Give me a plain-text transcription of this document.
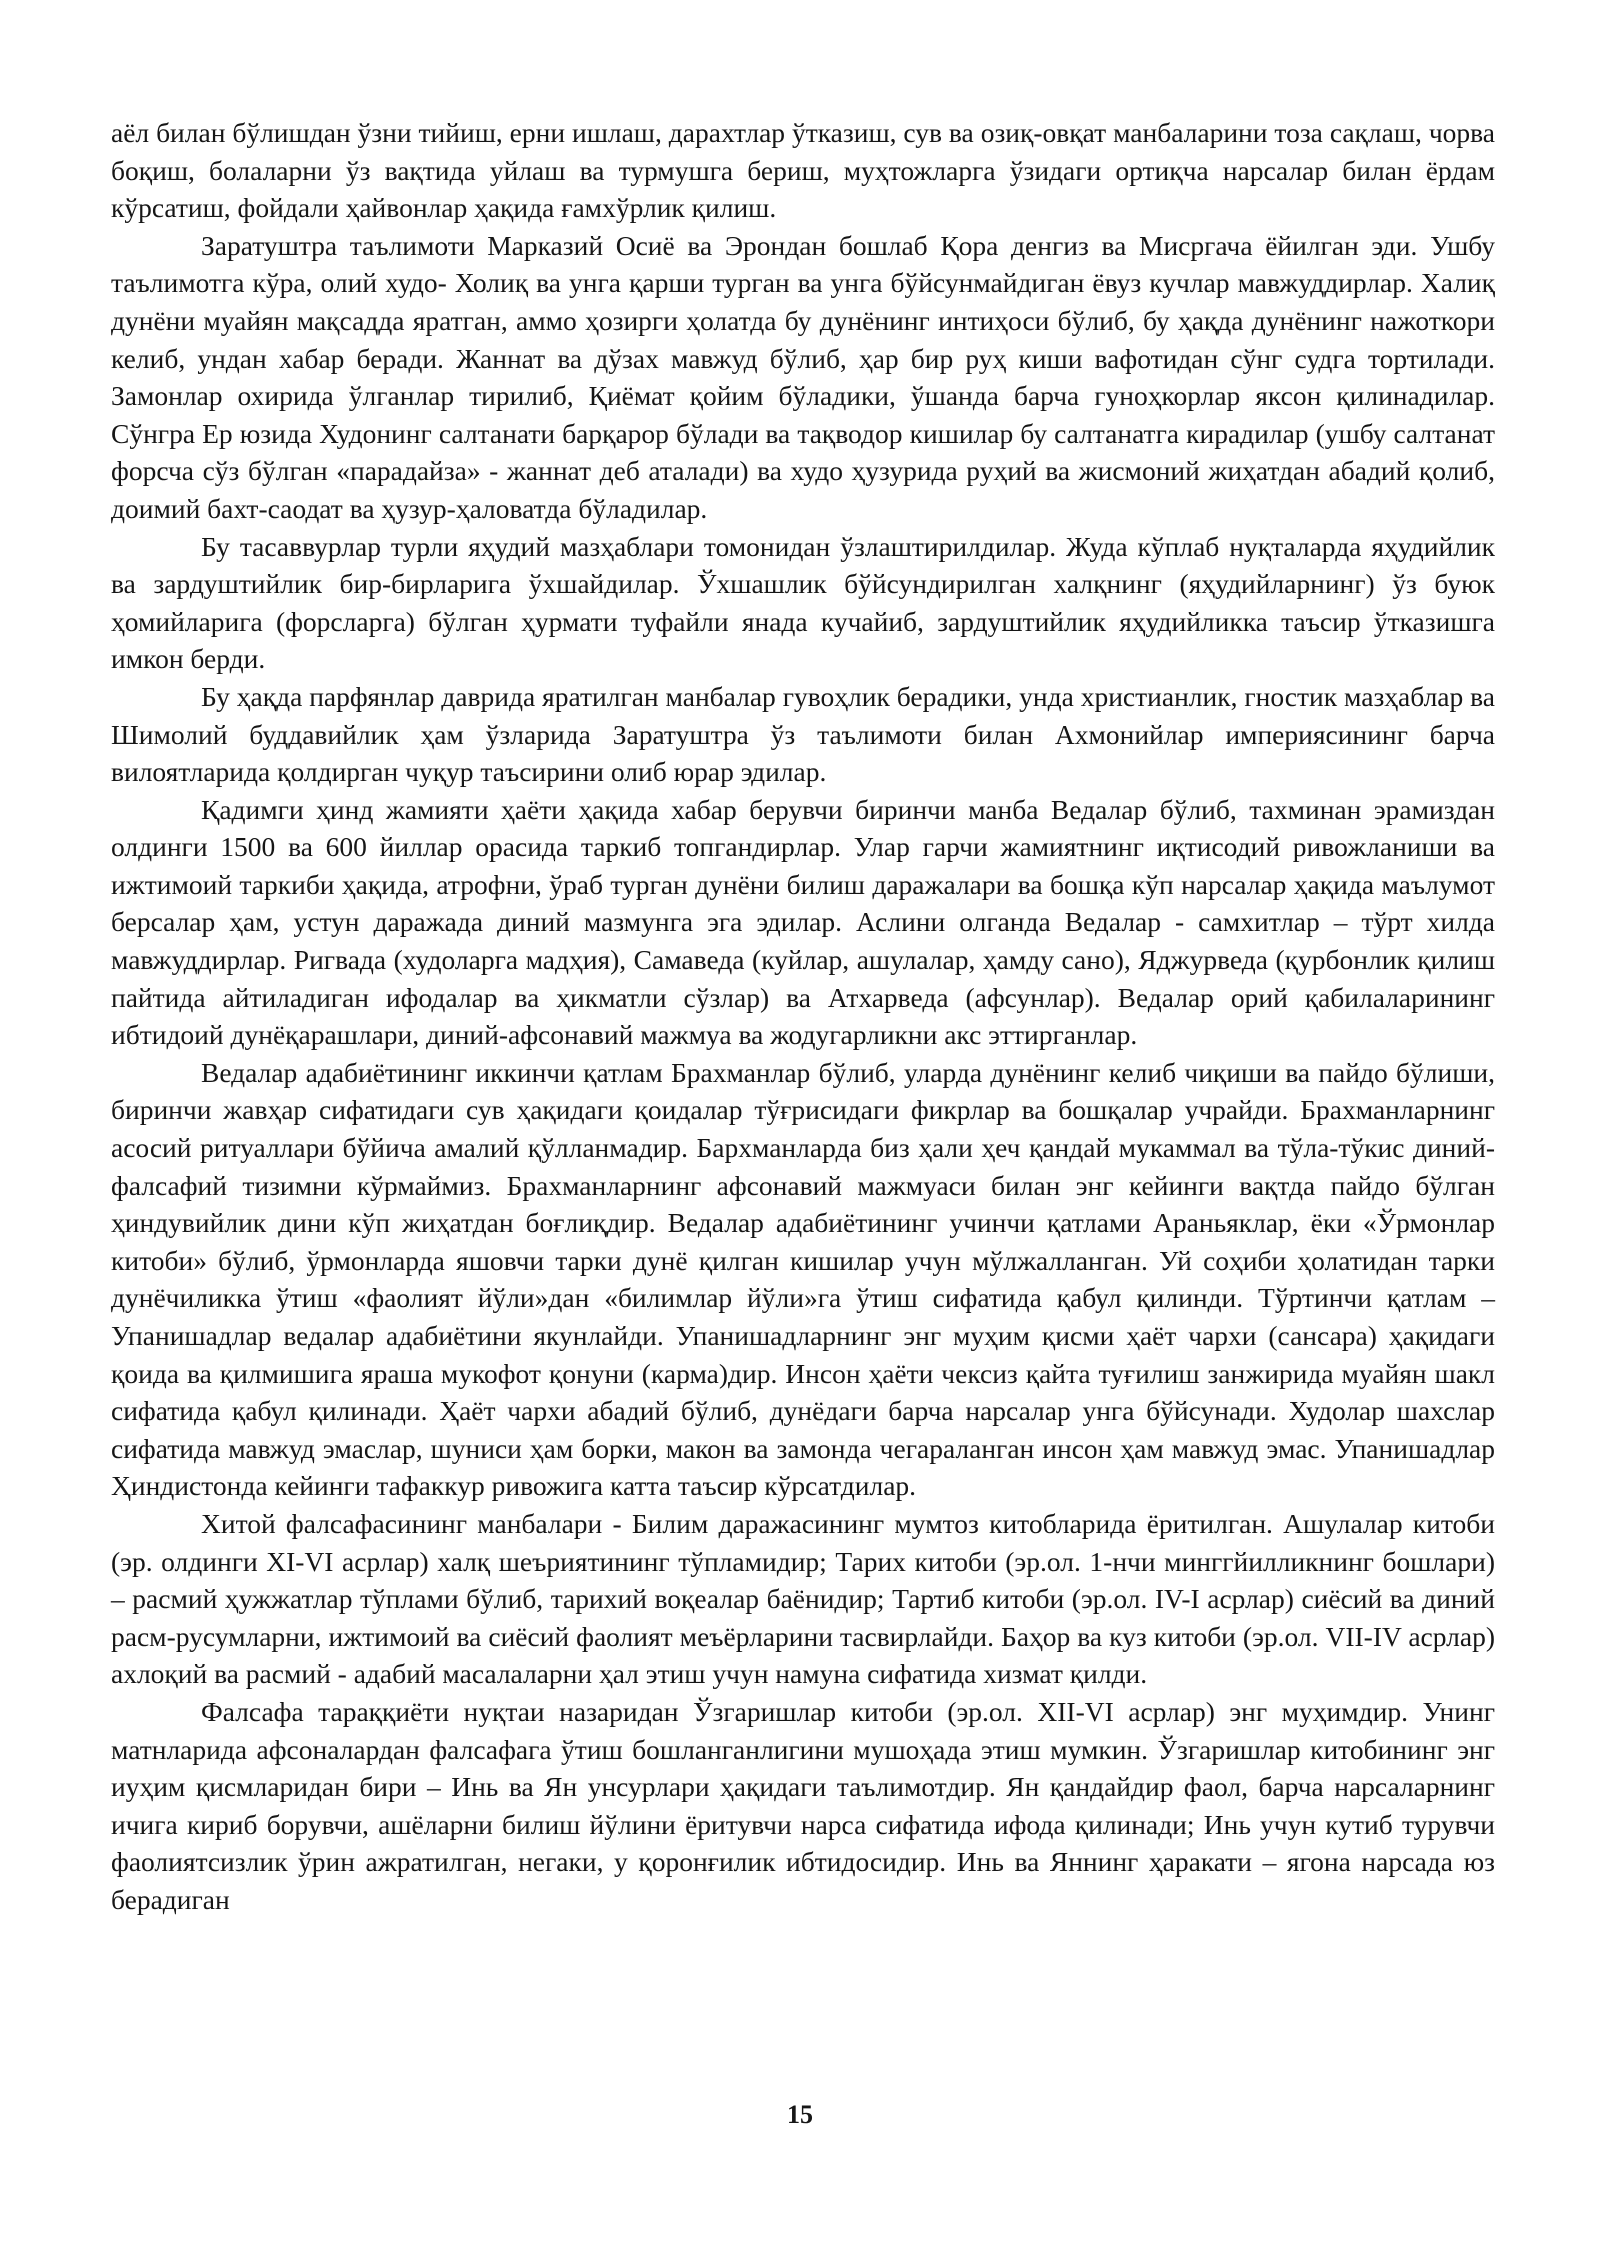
аёл билан бўлишдан ўзни тийиш, ерни ишлаш, дарахтлар ўтказиш, сув ва озиқ-овқат манбаларини тоза сақлаш, чорва боқиш, болаларни ўз вақтида уйлаш ва турмушга бериш, муҳтожларга ўзидаги ортиқча нарсалар билан ёрдам кўрсатиш, фойдали ҳайвонлар ҳақида ғамхўрлик қилиш.

Заратуштра таълимоти Марказий Осиё ва Эрондан бошлаб Қора денгиз ва Мисргача ёйилган эди. Ушбу таълимотга кўра, олий худо- Холиқ ва унга қарши турган ва унга бўйсунмайдиган ёвуз кучлар мавжуддирлар. Халиқ дунёни муайян мақсадда яратган, аммо ҳозирги ҳолатда бу дунёнинг интиҳоси бўлиб, бу ҳақда дунёнинг нажоткори келиб, ундан хабар беради. Жаннат ва дўзах мавжуд бўлиб, ҳар бир руҳ киши вафотидан сўнг судга тортилади. Замонлар охирида ўлганлар тирилиб, Қиёмат қойим бўладики, ўшанда барча гуноҳкорлар яксон қилинадилар. Сўнгра Ер юзида Худонинг салтанати барқарор бўлади ва тақводор кишилар бу салтанатга кирадилар (ушбу салтанат форсча сўз бўлган «парадайза» - жаннат деб аталади) ва худо ҳузурида руҳий ва жисмоний жиҳатдан абадий қолиб, доимий бахт-саодат ва ҳузур-ҳаловатда бўладилар.

Бу тасаввурлар турли яҳудий мазҳаблари томонидан ўзлаштирилдилар. Жуда кўплаб нуқталарда яҳудийлик ва зардуштийлик бир-бирларига ўхшайдилар. Ўхшашлик бўйсундирилган халқнинг (яҳудийларнинг) ўз буюк ҳомийларига (форсларга) бўлган ҳурмати туфайли янада кучайиб, зардуштийлик яҳудийликка таъсир ўтказишга имкон берди.

Бу ҳақда парфянлар даврида яратилган манбалар гувоҳлик берадики, унда христианлик, гностик мазҳаблар ва Шимолий буддавийлик ҳам ўзларида Заратуштра ўз таълимоти билан Ахмонийлар империясининг барча вилоятларида қолдирган чуқур таъсирини олиб юрар эдилар.

Қадимги ҳинд жамияти ҳаёти ҳақида хабар берувчи биринчи манба Ведалар бўлиб, тахминан эрамиздан олдинги 1500 ва 600 йиллар орасида таркиб топгандирлар. Улар гарчи жамиятнинг иқтисодий ривожланиши ва ижтимоий таркиби ҳақида, атрофни, ўраб турган дунёни билиш даражалари ва бошқа кўп нарсалар ҳақида маълумот берсалар ҳам, устун даражада диний мазмунга эга эдилар. Аслини олганда Ведалар - самхитлар – тўрт хилда мавжуддирлар. Ригвада (худоларга мадҳия), Самаведа (куйлар, ашулалар, ҳамду сано), Яджурведа (қурбонлик қилиш пайтида айтиладиган ифодалар ва ҳикматли сўзлар) ва Атхарведа (афсунлар). Ведалар орий қабилаларининг ибтидоий дунёқарашлари, диний-афсонавий мажмуа ва жодугарликни акс эттирганлар.

Ведалар адабиётининг иккинчи қатлам Брахманлар бўлиб, уларда дунёнинг келиб чиқиши ва пайдо бўлиши, биринчи жавҳар сифатидаги сув ҳақидаги қоидалар тўғрисидаги фикрлар ва бошқалар учрайди. Брахманларнинг асосий ритуаллари бўйича амалий қўлланмадир. Бархманларда биз ҳали ҳеч қандай мукаммал ва тўла-тўкис диний-фалсафий тизимни кўрмаймиз. Брахманларнинг афсонавий мажмуаси билан энг кейинги вақтда пайдо бўлган ҳиндувийлик дини кўп жиҳатдан боғлиқдир. Ведалар адабиётининг учинчи қатлами Араньяклар, ёки «Ўрмонлар китоби» бўлиб, ўрмонларда яшовчи тарки дунё қилган кишилар учун мўлжалланган. Уй соҳиби ҳолатидан тарки дунёчиликка ўтиш «фаолият йўли»дан «билимлар йўли»га ўтиш сифатида қабул қилинди. Тўртинчи қатлам – Упанишадлар ведалар адабиётини якунлайди. Упанишадларнинг энг муҳим қисми ҳаёт чархи (сансара) ҳақидаги қоида ва қилмишига яраша мукофот қонуни (карма)дир. Инсон ҳаёти чексиз қайта туғилиш занжирида муайян шакл сифатида қабул қилинади. Ҳаёт чархи абадий бўлиб, дунёдаги барча нарсалар унга бўйсунади. Худолар шахслар сифатида мавжуд эмаслар, шуниси ҳам борки, макон ва замонда чегараланган инсон ҳам мавжуд эмас. Упанишадлар Ҳиндистонда кейинги тафаккур ривожига катта таъсир кўрсатдилар.

Хитой фалсафасининг манбалари - Билим даражасининг мумтоз китобларида ёритилган. Ашулалар китоби (эр. олдинги XI-VI асрлар) халқ шеъриятининг тўпламидир; Тарих китоби (эр.ол. 1-нчи минггйилликнинг бошлари) – расмий ҳужжатлар тўплами бўлиб, тарихий воқеалар баёнидир; Тартиб китоби (эр.ол. IV-I асрлар) сиёсий ва диний расм-русумларни, ижтимоий ва сиёсий фаолият меъёрларини тасвирлайди. Баҳор ва куз китоби (эр.ол. VII-IV асрлар) ахлоқий ва расмий - адабий масалаларни ҳал этиш учун намуна сифатида хизмат қилди.

Фалсафа тараққиёти нуқтаи назаридан Ўзгаришлар китоби (эр.ол. XII-VI асрлар) энг муҳимдир. Унинг матнларида афсоналардан фалсафага ўтиш бошланганлигини мушоҳада этиш мумкин. Ўзгаришлар китобининг энг иуҳим қисмларидан бири – Инь ва Ян унсурлари ҳақидаги таълимотдир. Ян қандайдир фаол, барча нарсаларнинг ичига кириб борувчи, ашёларни билиш йўлини ёритувчи нарса сифатида ифода қилинади; Инь учун кутиб турувчи фаолиятсизлик ўрин ажратилган, негаки, у қоронғилик ибтидосидир. Инь ва Яннинг ҳаракати – ягона нарсада юз берадиган

15
